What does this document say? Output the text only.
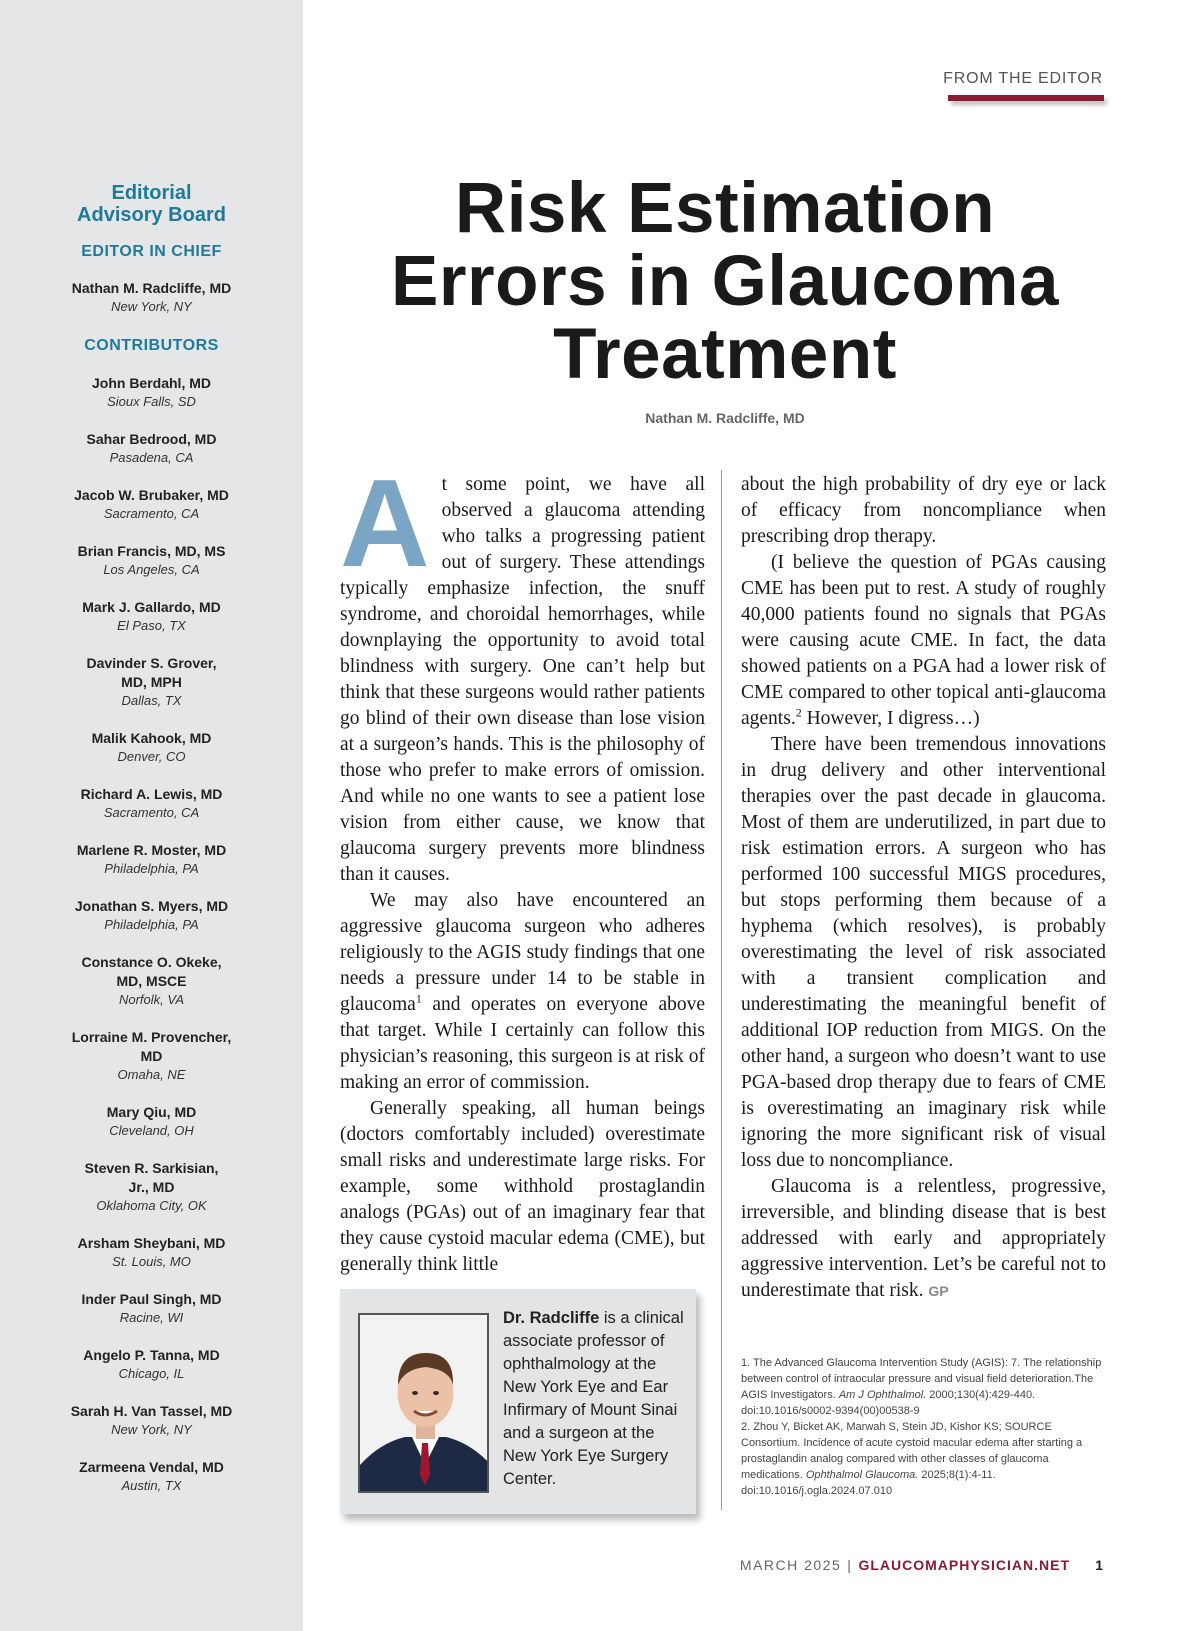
Editorial
Advisory Board
EDITOR IN CHIEF
Nathan M. Radcliffe, MD
New York, NY
CONTRIBUTORS
John Berdahl, MD
Sioux Falls, SD
Sahar Bedrood, MD
Pasadena, CA
Jacob W. Brubaker, MD
Sacramento, CA
Brian Francis, MD, MS
Los Angeles, CA
Mark J. Gallardo, MD
El Paso, TX
Davinder S. Grover,
MD, MPH
Dallas, TX
Malik Kahook, MD
Denver, CO
Richard A. Lewis, MD
Sacramento, CA
Marlene R. Moster, MD
Philadelphia, PA
Jonathan S. Myers, MD
Philadelphia, PA
Constance O. Okeke,
MD, MSCE
Norfolk, VA
Lorraine M. Provencher,
MD
Omaha, NE
Mary Qiu, MD
Cleveland, OH
Steven R. Sarkisian,
Jr., MD
Oklahoma City, OK
Arsham Sheybani, MD
St. Louis, MO
Inder Paul Singh, MD
Racine, WI
Angelo P. Tanna, MD
Chicago, IL
Sarah H. Van Tassel, MD
New York, NY
Zarmeena Vendal, MD
Austin, TX
FROM THE EDITOR
Risk Estimation
Errors in Glaucoma
Treatment
Nathan M. Radcliffe, MD

At some point, we have all observed a glaucoma attending who talks a progressing patient out of surgery. These attendings typically emphasize infection, the snuff syndrome, and choroidal hemorrhages, while downplaying the opportunity to avoid total blindness with surgery. One can’t help but think that these surgeons would rather patients go blind of their own disease than lose vision at a surgeon’s hands. This is the philosophy of those who prefer to make errors of omission. And while no one wants to see a patient lose vision from either cause, we know that glaucoma surgery prevents more blindness than it causes.

We may also have encountered an aggressive glaucoma surgeon who adheres religiously to the AGIS study findings that one needs a pressure under 14 to be stable in glaucoma$^1$ and operates on everyone above that target. While I certainly can follow this physician’s reasoning, this surgeon is at risk of making an error of commission.

Generally speaking, all human beings (doctors comfortably included) overestimate small risks and underestimate large risks. For example, some withhold prostaglandin analogs (PGAs) out of an imaginary fear that they cause cystoid macular edema (CME), but generally think little

about the high probability of dry eye or lack of efficacy from noncompliance when prescribing drop therapy.

(I believe the question of PGAs causing CME has been put to rest. A study of roughly 40,000 patients found no signals that PGAs were causing acute CME. In fact, the data showed patients on a PGA had a lower risk of CME compared to other topical anti-glaucoma agents.$^2$ However, I digress…)

There have been tremendous innovations in drug delivery and other interventional therapies over the past decade in glaucoma. Most of them are underutilized, in part due to risk estimation errors. A surgeon who has performed 100 successful MIGS procedures, but stops performing them because of a hyphema (which resolves), is probably overestimating the level of risk associated with a transient complication and underestimating the meaningful benefit of additional IOP reduction from MIGS. On the other hand, a surgeon who doesn’t want to use PGA-based drop therapy due to fears of CME is overestimating an imaginary risk while ignoring the more significant risk of visual loss due to noncompliance.

Glaucoma is a relentless, progressive, irreversible, and blinding disease that is best addressed with early and appropriately aggressive intervention. Let’s be careful not to underestimate that risk. GP

Dr. Radcliffe is a clinical associate professor of ophthalmology at the New York Eye and Ear Infirmary of Mount Sinai and a surgeon at the New York Eye Surgery Center.

1. The Advanced Glaucoma Intervention Study (AGIS): 7. The relationship between control of intraocular pressure and visual field deterioration.The AGIS Investigators. Am J Ophthalmol. 2000;130(4):429-440. doi:10.1016/s0002-9394(00)00538-9

2. Zhou Y, Bicket AK, Marwah S, Stein JD, Kishor KS; SOURCE Consortium. Incidence of acute cystoid macular edema after starting a prostaglandin analog compared with other classes of glaucoma medications. Ophthalmol Glaucoma. 2025;8(1):4-11. doi:10.1016/j.ogla.2024.07.010

MARCH 2025 | GLAUCOMAPHYSICIAN.NET 1
